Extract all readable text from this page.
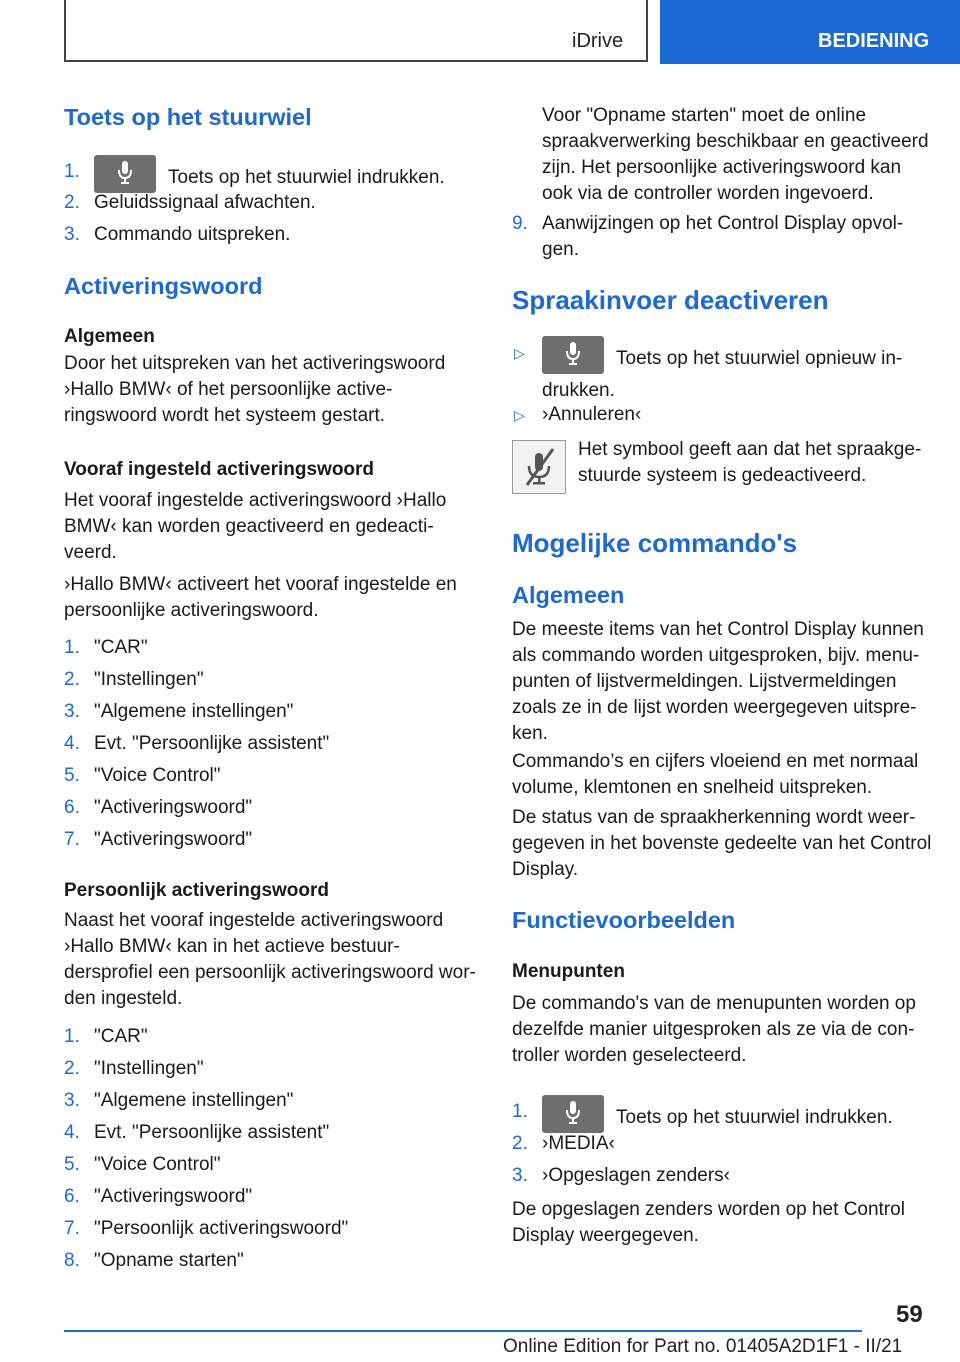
iDrive	BEDIENING
Toets op het stuurwiel
1.	Toets op het stuurwiel indrukken.
2. Geluidssignaal afwachten.
3. Commando uitspreken.
Activeringswoord
Algemeen
Door het uitspreken van het activeringswoord ›Hallo BMW‹ of het persoonlijke activeringswoord wordt het systeem gestart.
Vooraf ingesteld activeringswoord
Het vooraf ingestelde activeringswoord ›Hallo BMW‹ kan worden geactiveerd en gedeactiveerd.
›Hallo BMW‹ activeert het vooraf ingestelde en persoonlijke activeringswoord.
1. "CAR"
2. "Instellingen"
3. "Algemene instellingen"
4. Evt. "Persoonlijke assistent"
5. "Voice Control"
6. "Activeringswoord"
7. "Activeringswoord"
Persoonlijk activeringswoord
Naast het vooraf ingestelde activeringswoord ›Hallo BMW‹ kan in het actieve bestuurdersprofiel een persoonlijk activeringswoord worden ingesteld.
1. "CAR"
2. "Instellingen"
3. "Algemene instellingen"
4. Evt. "Persoonlijke assistent"
5. "Voice Control"
6. "Activeringswoord"
7. "Persoonlijk activeringswoord"
8. "Opname starten"
Voor "Opname starten" moet de online spraakverwerking beschikbaar en geactiveerd zijn. Het persoonlijke activeringswoord kan ook via de controller worden ingevoerd.
9. Aanwijzingen op het Control Display opvolgen.
Spraakinvoer deactiveren
▷	Toets op het stuurwiel opnieuw indrukken.
▷ ›Annuleren‹
Het symbool geeft aan dat het spraakgestuurde systeem is gedeactiveerd.
Mogelijke commando's
Algemeen
De meeste items van het Control Display kunnen als commando worden uitgesproken, bijv. menupunten of lijstvermeldingen. Lijstvermeldingen zoals ze in de lijst worden weergegeven uitspreken.
Commando’s en cijfers vloeiend en met normaal volume, klemtonen en snelheid uitspreken.
De status van de spraakherkenning wordt weergegeven in het bovenste gedeelte van het Control Display.
Functievoorbeelden
Menupunten
De commando's van de menupunten worden op dezelfde manier uitgesproken als ze via de controller worden geselecteerd.
1.	Toets op het stuurwiel indrukken.
2. ›MEDIA‹
3. ›Opgeslagen zenders‹
De opgeslagen zenders worden op het Control Display weergegeven.
59
Online Edition for Part no. 01405A2D1F1 - II/21
